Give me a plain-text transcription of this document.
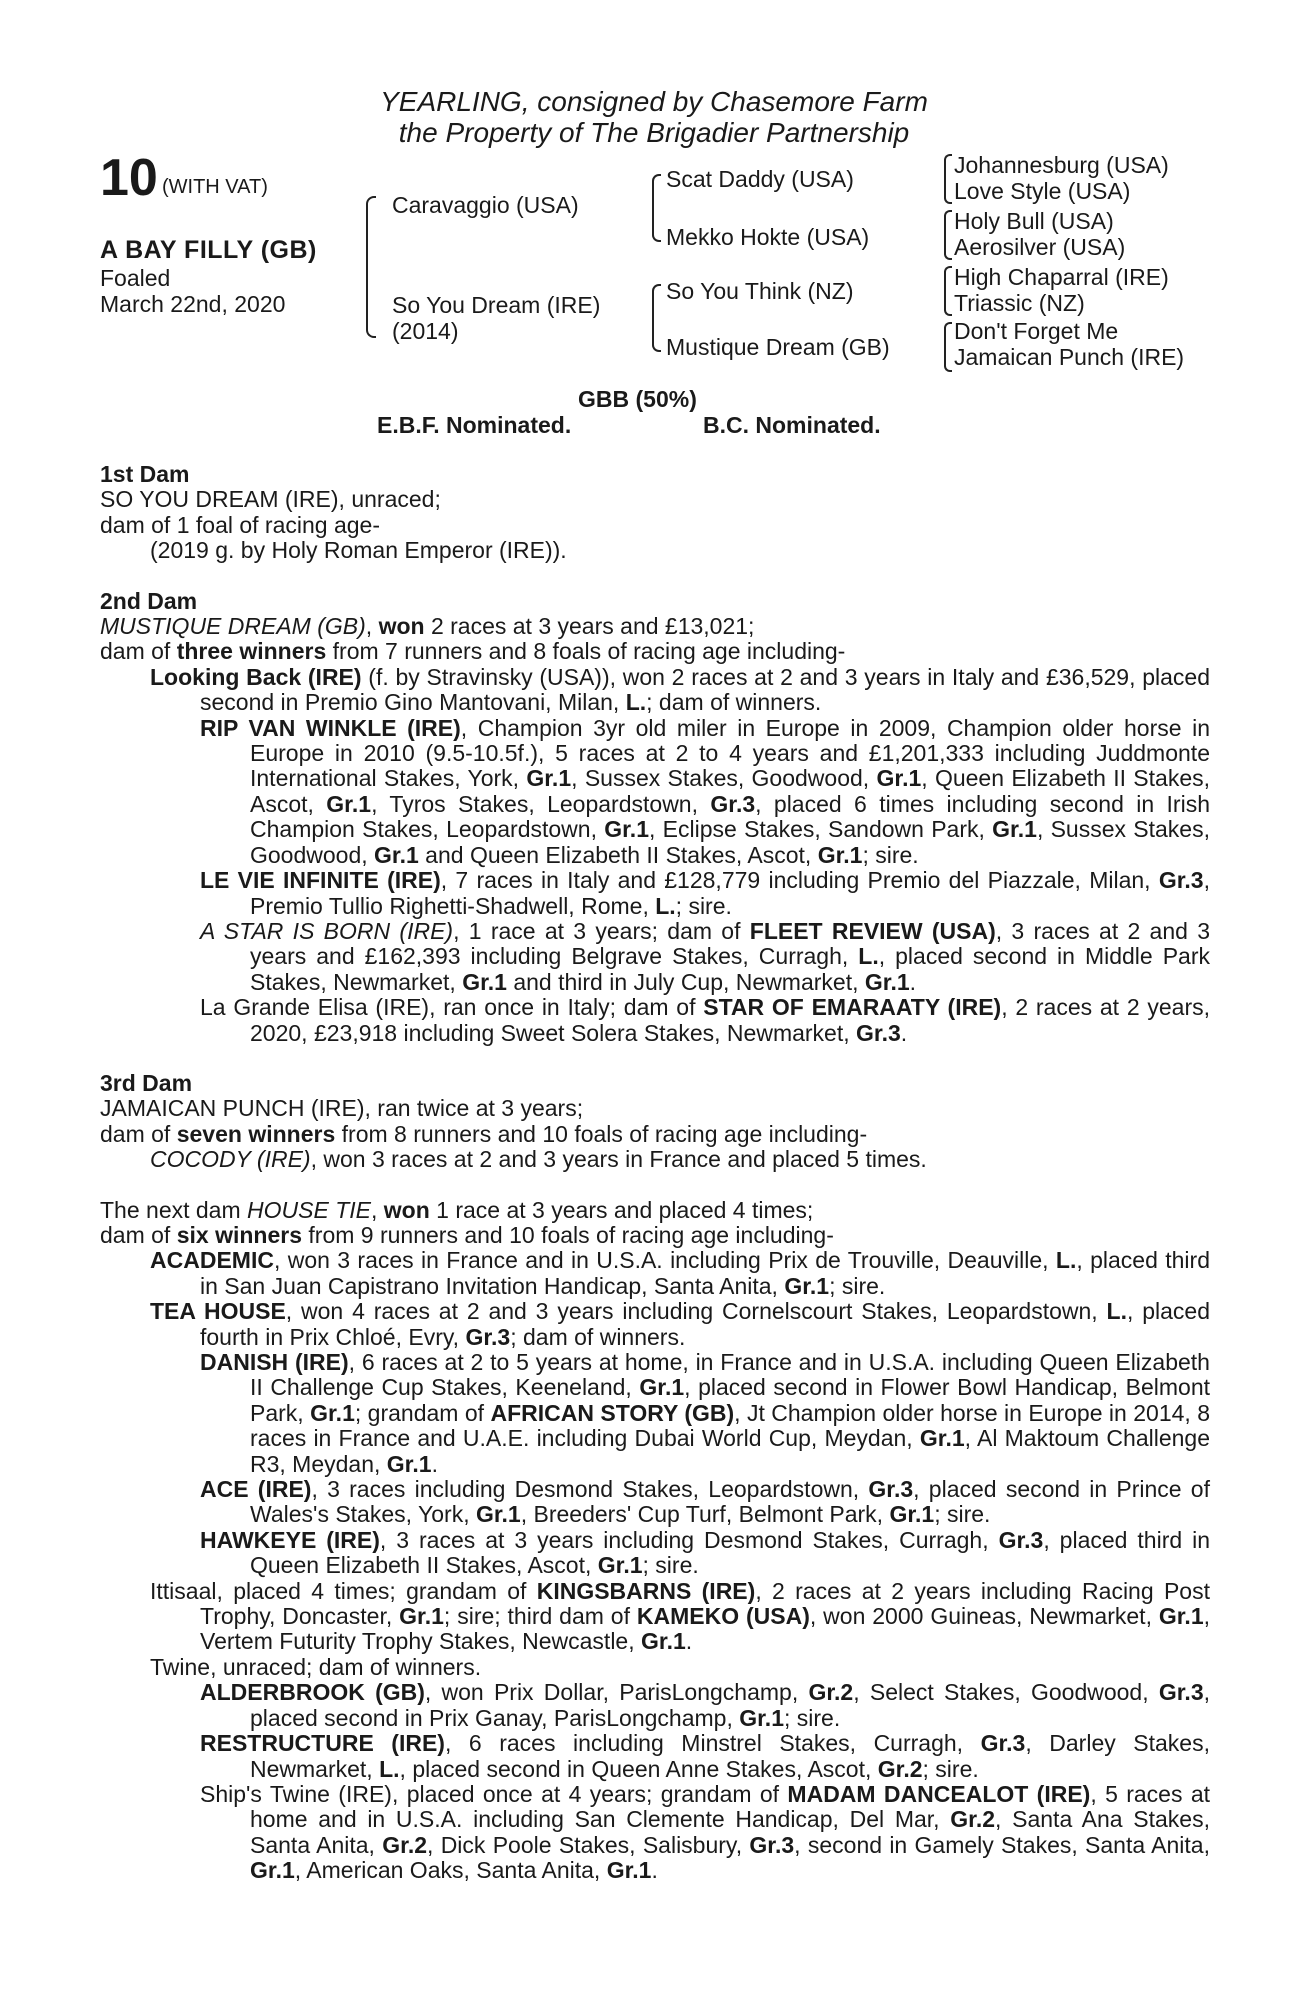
YEARLING, consigned by Chasemore Farm
the Property of The Brigadier Partnership
10 (WITH VAT)
A BAY FILLY (GB)
Foaled
March 22nd, 2020
Caravaggio (USA)
So You Dream (IRE)
(2014)
Scat Daddy (USA)
Mekko Hokte (USA)
So You Think (NZ)
Mustique Dream (GB)
Johannesburg (USA)
Love Style (USA)
Holy Bull (USA)
Aerosilver (USA)
High Chaparral (IRE)
Triassic (NZ)
Don't Forget Me
Jamaican Punch (IRE)
GBB (50%)
E.B.F. Nominated.	B.C. Nominated.

1st Dam

SO YOU DREAM (IRE), unraced;

dam of 1 foal of racing age-

(2019 g. by Holy Roman Emperor (IRE)).

2nd Dam

MUSTIQUE DREAM (GB), won 2 races at 3 years and £13,021;

dam of three winners from 7 runners and 8 foals of racing age including-

Looking Back (IRE) (f. by Stravinsky (USA)), won 2 races at 2 and 3 years in Italy and £36,529, placed second in Premio Gino Mantovani, Milan, L.; dam of winners.

RIP VAN WINKLE (IRE), Champion 3yr old miler in Europe in 2009, Champion older horse in Europe in 2010 (9.5-10.5f.), 5 races at 2 to 4 years and £1,201,333 including Juddmonte International Stakes, York, Gr.1, Sussex Stakes, Goodwood, Gr.1, Queen Elizabeth II Stakes, Ascot, Gr.1, Tyros Stakes, Leopardstown, Gr.3, placed 6 times including second in Irish Champion Stakes, Leopardstown, Gr.1, Eclipse Stakes, Sandown Park, Gr.1, Sussex Stakes, Goodwood, Gr.1 and Queen Elizabeth II Stakes, Ascot, Gr.1; sire.

LE VIE INFINITE (IRE), 7 races in Italy and £128,779 including Premio del Piazzale, Milan, Gr.3, Premio Tullio Righetti-Shadwell, Rome, L.; sire.

A STAR IS BORN (IRE), 1 race at 3 years; dam of FLEET REVIEW (USA), 3 races at 2 and 3 years and £162,393 including Belgrave Stakes, Curragh, L., placed second in Middle Park Stakes, Newmarket, Gr.1 and third in July Cup, Newmarket, Gr.1.

La Grande Elisa (IRE), ran once in Italy; dam of STAR OF EMARAATY (IRE), 2 races at 2 years, 2020, £23,918 including Sweet Solera Stakes, Newmarket, Gr.3.

3rd Dam

JAMAICAN PUNCH (IRE), ran twice at 3 years;

dam of seven winners from 8 runners and 10 foals of racing age including-

COCODY (IRE), won 3 races at 2 and 3 years in France and placed 5 times.

The next dam HOUSE TIE, won 1 race at 3 years and placed 4 times;

dam of six winners from 9 runners and 10 foals of racing age including-

ACADEMIC, won 3 races in France and in U.S.A. including Prix de Trouville, Deauville, L., placed third in San Juan Capistrano Invitation Handicap, Santa Anita, Gr.1; sire.

TEA HOUSE, won 4 races at 2 and 3 years including Cornelscourt Stakes, Leopardstown, L., placed fourth in Prix Chloé, Evry, Gr.3; dam of winners.

DANISH (IRE), 6 races at 2 to 5 years at home, in France and in U.S.A. including Queen Elizabeth II Challenge Cup Stakes, Keeneland, Gr.1, placed second in Flower Bowl Handicap, Belmont Park, Gr.1; grandam of AFRICAN STORY (GB), Jt Champion older horse in Europe in 2014, 8 races in France and U.A.E. including Dubai World Cup, Meydan, Gr.1, Al Maktoum Challenge R3, Meydan, Gr.1.

ACE (IRE), 3 races including Desmond Stakes, Leopardstown, Gr.3, placed second in Prince of Wales's Stakes, York, Gr.1, Breeders' Cup Turf, Belmont Park, Gr.1; sire.

HAWKEYE (IRE), 3 races at 3 years including Desmond Stakes, Curragh, Gr.3, placed third in Queen Elizabeth II Stakes, Ascot, Gr.1; sire.

Ittisaal, placed 4 times; grandam of KINGSBARNS (IRE), 2 races at 2 years including Racing Post Trophy, Doncaster, Gr.1; sire; third dam of KAMEKO (USA), won 2000 Guineas, Newmarket, Gr.1, Vertem Futurity Trophy Stakes, Newcastle, Gr.1.

Twine, unraced; dam of winners.

ALDERBROOK (GB), won Prix Dollar, ParisLongchamp, Gr.2, Select Stakes, Goodwood, Gr.3, placed second in Prix Ganay, ParisLongchamp, Gr.1; sire.

RESTRUCTURE (IRE), 6 races including Minstrel Stakes, Curragh, Gr.3, Darley Stakes, Newmarket, L., placed second in Queen Anne Stakes, Ascot, Gr.2; sire.

Ship's Twine (IRE), placed once at 4 years; grandam of MADAM DANCEALOT (IRE), 5 races at home and in U.S.A. including San Clemente Handicap, Del Mar, Gr.2, Santa Ana Stakes, Santa Anita, Gr.2, Dick Poole Stakes, Salisbury, Gr.3, second in Gamely Stakes, Santa Anita, Gr.1, American Oaks, Santa Anita, Gr.1.
